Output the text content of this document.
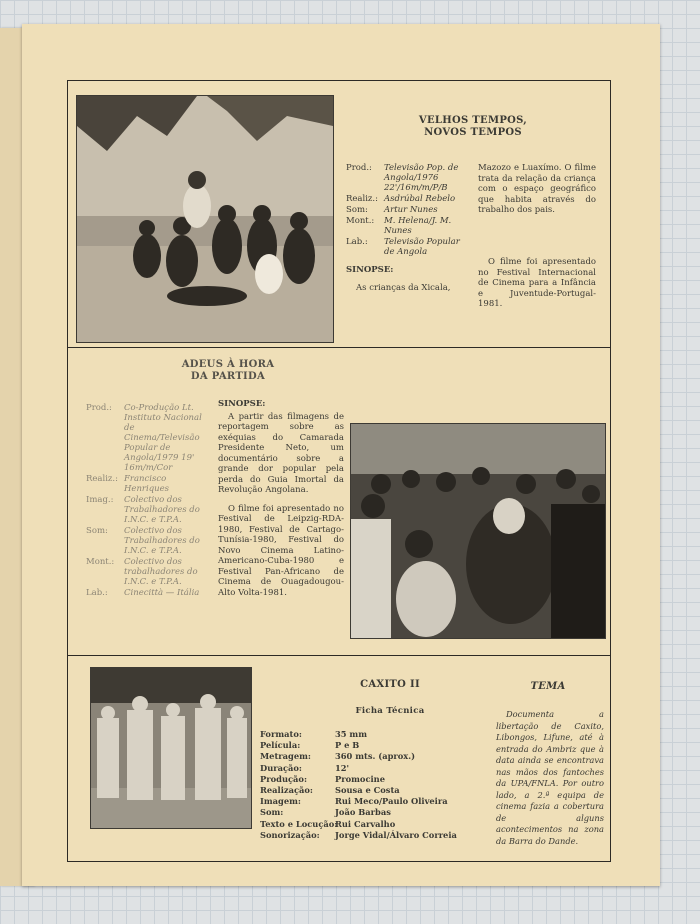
VELHOS TEMPOS,
NOVOS TEMPOS
Prod.:	Televisão Pop. de Angola/1976 22'/16m/m/P/B
Realiz.: Asdrúbal Rebelo
Som:	Artur Nunes
Mont.:	M. Helena/J. M. Nunes
Lab.:	Televisão Popular de Angola
SINOPSE:
As crianças da Xicala,
Mazozo e Luaxímo. O filme trata da relação da criança com o espaço geográfico que habita através do trabalho dos pais.
O filme foi apresentado no Festival Internacional de Cinema para a Infância e Juventude-Portugal-1981.
ADEUS À HORA
DA PARTIDA
Prod.:	Co-Produção Lt. Instituto Nacional de Cinema/Televisão Popular de Angola/1979 19' 16m/m/Cor
Realiz.: Francisco Henriques
Imag.:	Colectivo dos Trabalhadores do I.N.C. e T.P.A.
Som:	Colectivo dos Trabalhadores do I.N.C. e T.P.A.
Mont.:	Colectivo dos trabalhadores do I.N.C. e T.P.A.
Lab.:	Cinecittà — Itália
SINOPSE:
A partir das filmagens de reportagem sobre as exéquias do Camarada Presidente Neto, um documentário sobre a grande dor popular pela perda do Guia Imortal da Revolução Angolana.
O filme foi apresentado no Festival de Leipzig-RDA-1980, Festival de Cartago-Tunísia-1980, Festival do Novo Cinema Latino-Americano-Cuba-1980 e Festival Pan-Africano de Cinema de Ouagadougou-Alto Volta-1981.
CAXITO II
Ficha Técnica
Formato:	35 mm
Película:	P e B
Metragem:	360 mts. (aprox.)
Duração:	12'
Produção:	Promocine
Realização:	Sousa e Costa
Imagem:	Rui Meco/Paulo Oliveira
Som:	João Barbas
Texto e Locução:
Rui Carvalho
Sonorização:	Jorge Vidal/Álvaro Correia
TEMA
Documenta a libertação de Caxito, Libongos, Lifune, até à entrada do Ambriz que à data ainda se encontrava nas mãos dos fantoches da UPA/FNLA. Por outro lado, a 2.ª equipa de cinema fazia a cobertura de alguns acontecimentos na zona da Barra do Dande.
